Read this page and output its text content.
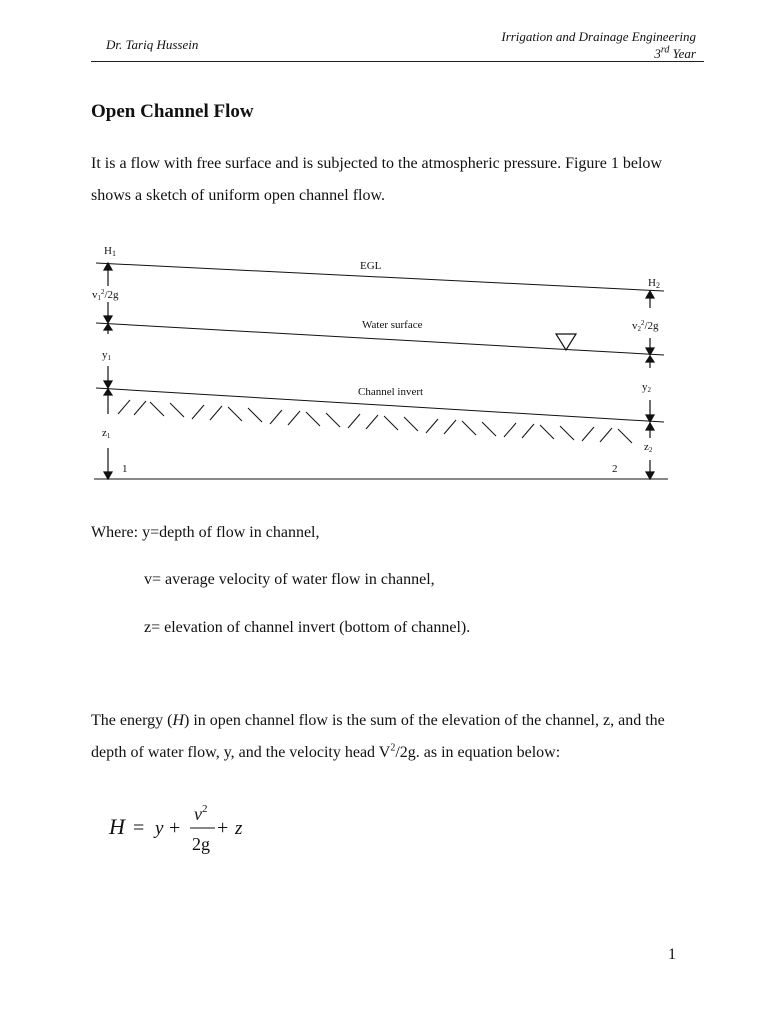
Dr. Tariq Hussein
Irrigation and Drainage Engineering
3rd Year
Open Channel Flow
It is a flow with free surface and is subjected to the atmospheric pressure. Figure 1 below shows a sketch of uniform open channel flow.
H1
EGL
H2
$v1^2/2g$
Water surface	$v2^2/2g$
y1
y2
Channel invert
z1
z2
1	2
Where: y=depth of flow in channel,
v= average velocity of water flow in channel,
z= elevation of channel invert (bottom of channel).
The energy (H) in open channel flow is the sum of the elevation of the channel, z, and the depth of water flow, y, and the velocity head $V^2/2g$. as in equation below:
H = y +
$v^2$
2g
+ z
1
